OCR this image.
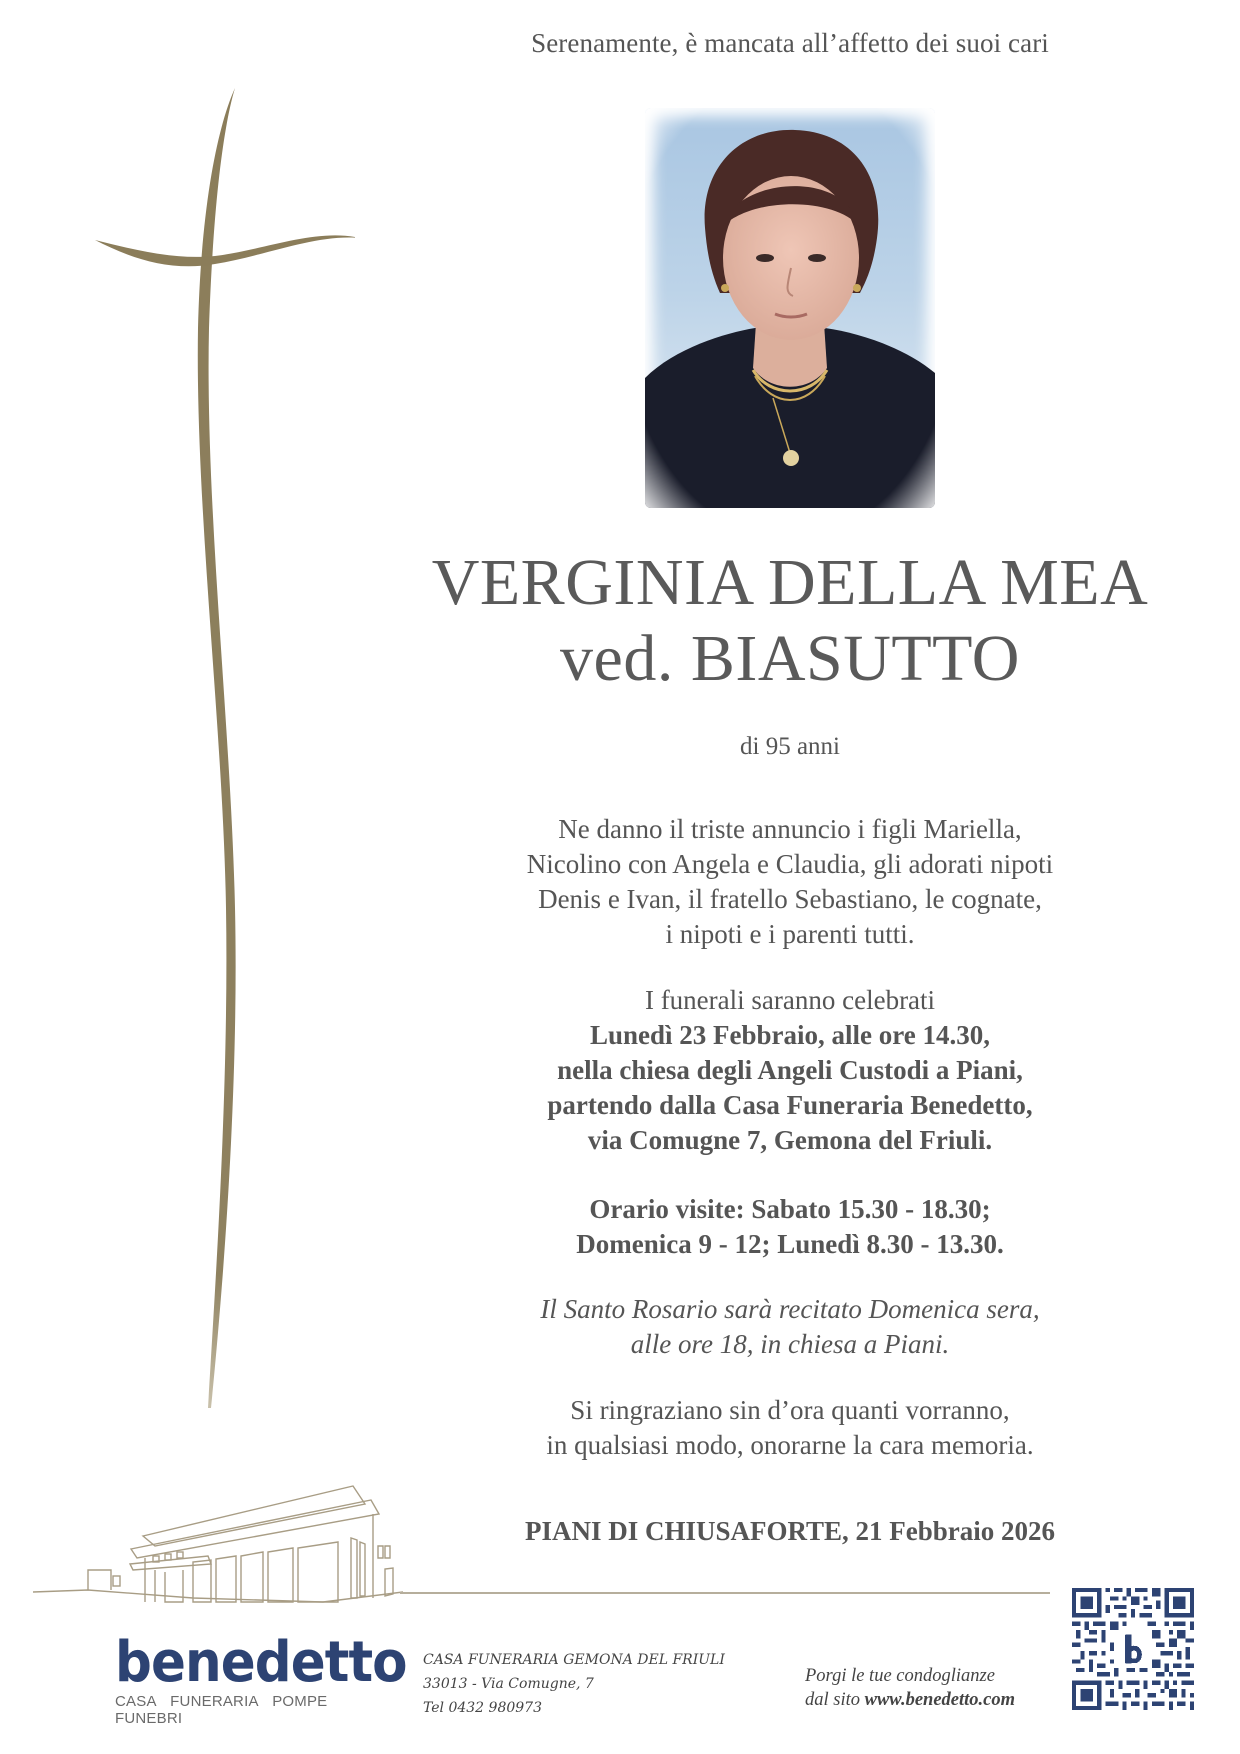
Serenamente, è mancata all’affetto dei suoi cari
VERGINIA DELLA MEA
ved. BIASUTTO
di 95 anni
Ne danno il triste annuncio i figli Mariella,
Nicolino con Angela e Claudia, gli adorati nipoti
Denis e Ivan, il fratello Sebastiano, le cognate,
i nipoti e i parenti tutti.
I funerali saranno celebrati
Lunedì 23 Febbraio, alle ore 14.30,
nella chiesa degli Angeli Custodi a Piani,
partendo dalla Casa Funeraria Benedetto,
via Comugne 7, Gemona del Friuli.
Orario visite: Sabato 15.30 - 18.30;
Domenica 9 - 12; Lunedì 8.30 - 13.30.
Il Santo Rosario sarà recitato Domenica sera,
alle ore 18, in chiesa a Piani.
Si ringraziano sin d’ora quanti vorranno,
in qualsiasi modo, onorarne la cara memoria.
PIANI DI CHIUSAFORTE, 21 Febbraio 2026
benedetto
CASA FUNERARIA POMPE FUNEBRI
CASA FUNERARIA GEMONA DEL FRIULI
33013 - Via Comugne, 7
Tel 0432 980973
Porgi le tue condoglianze
dal sito www.benedetto.com
